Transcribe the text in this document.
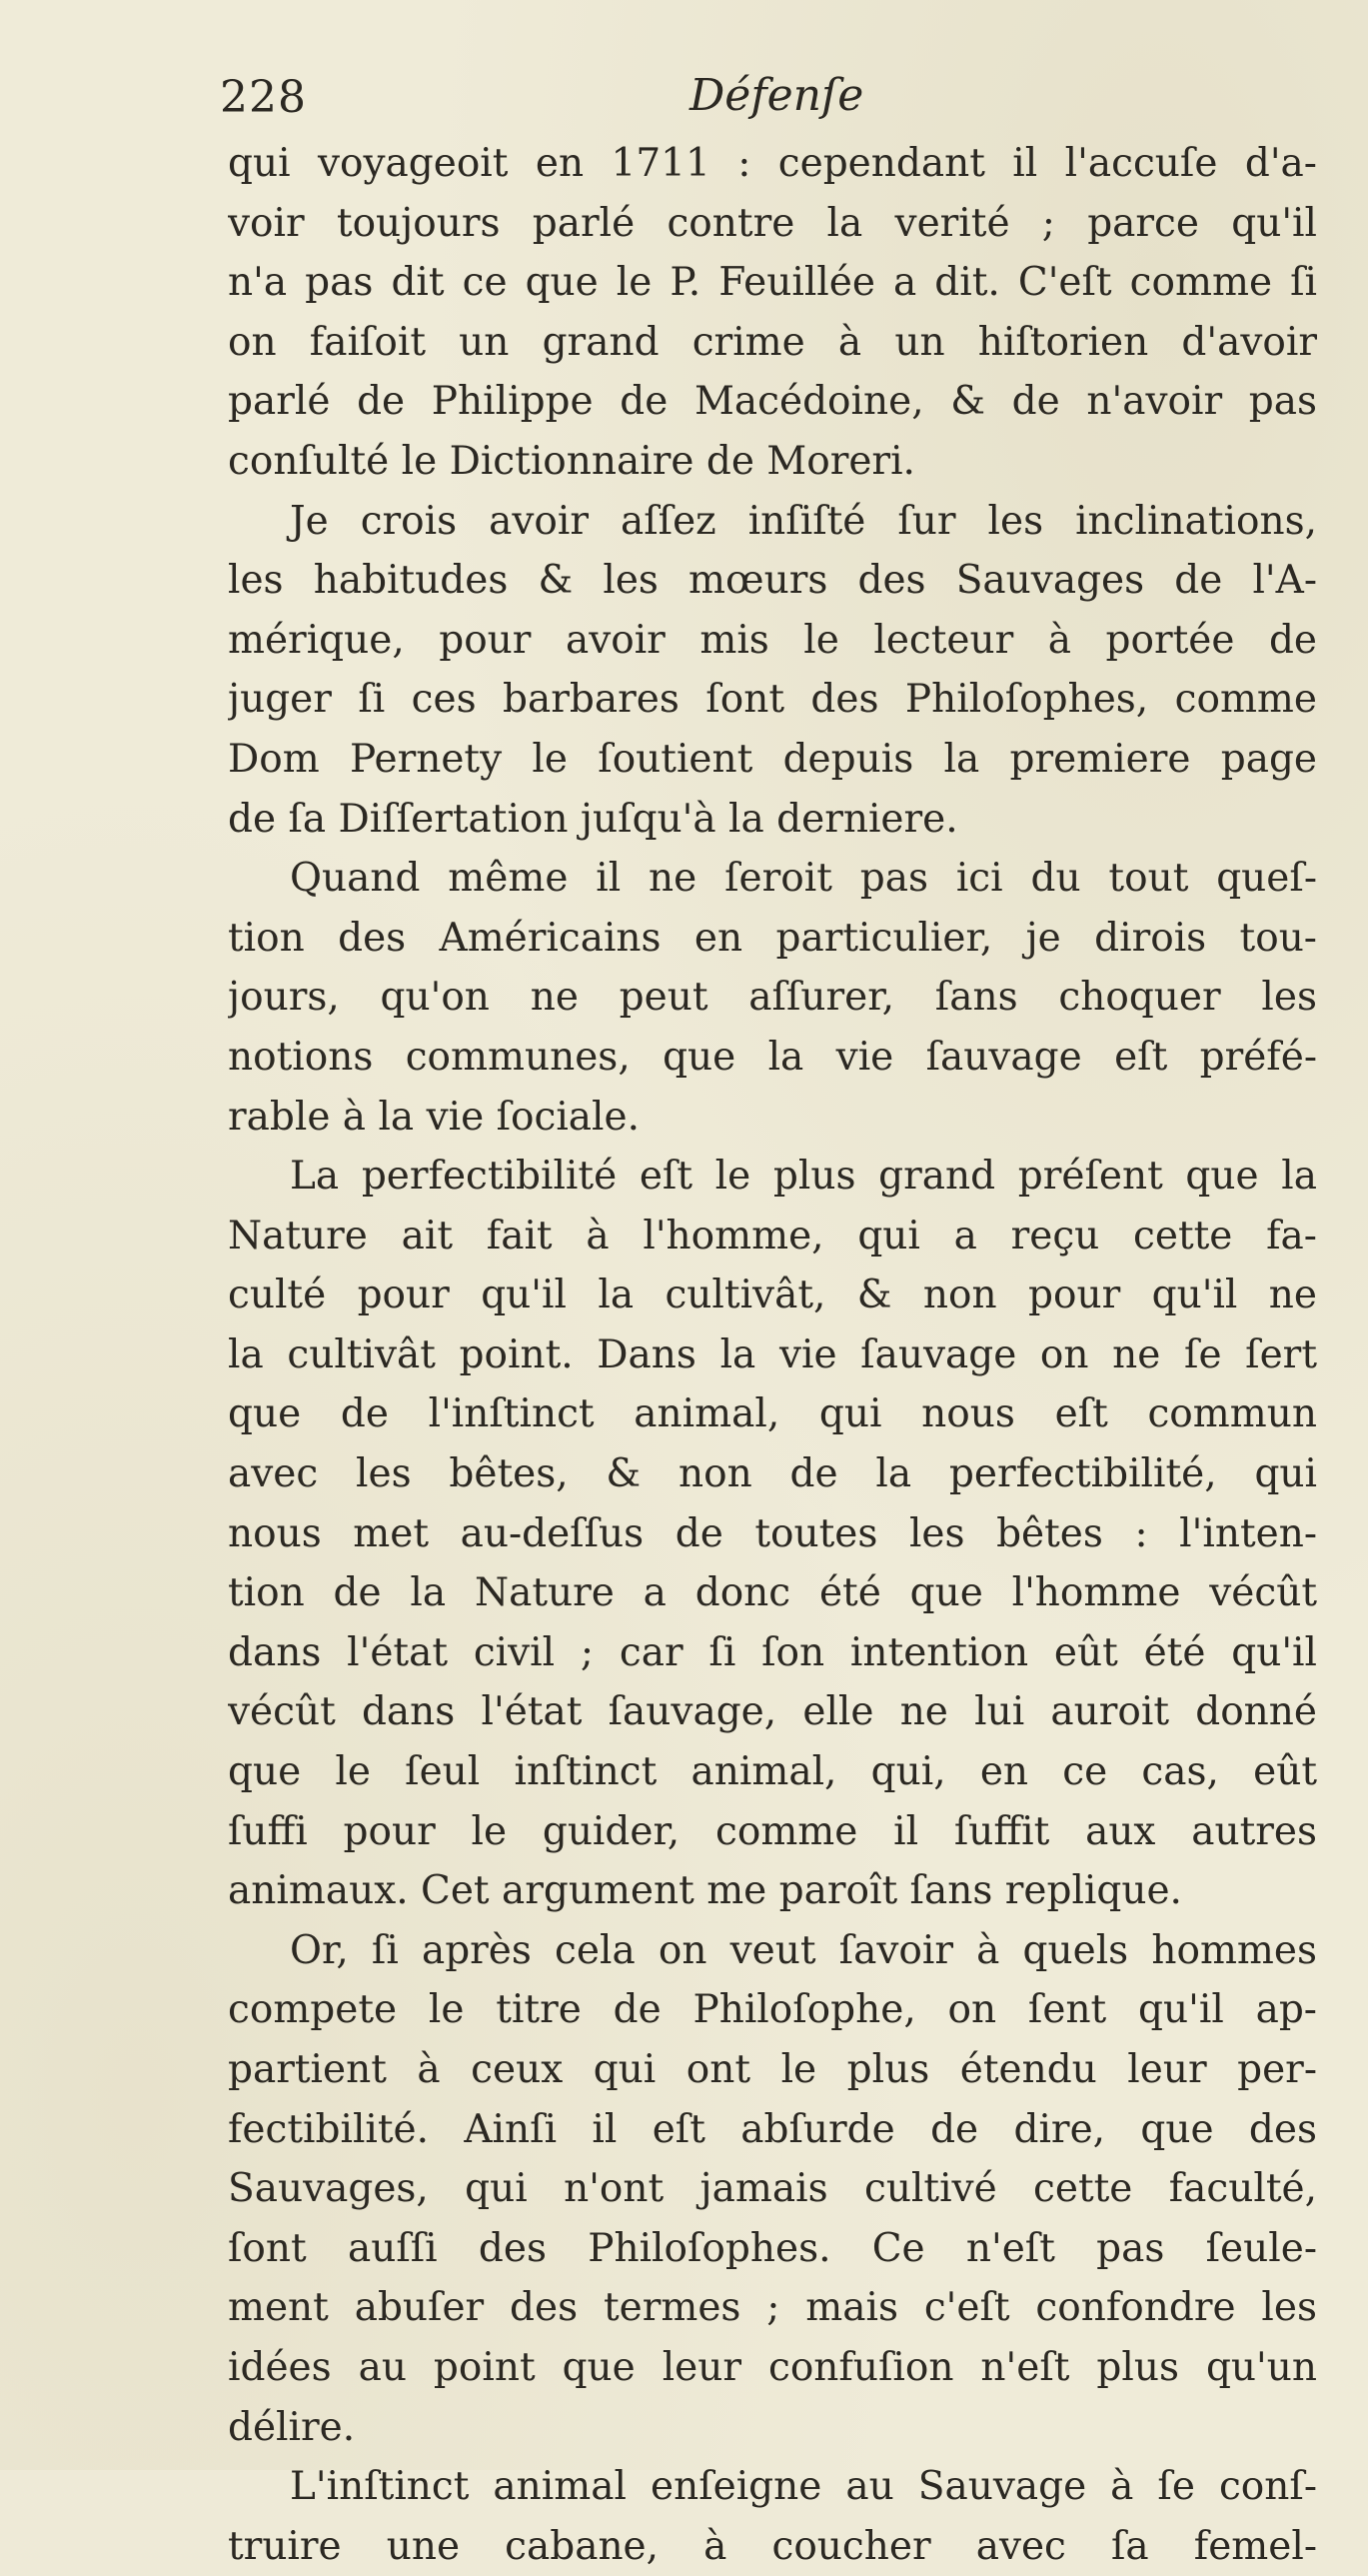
228	Défenſe
qui voyageoit en 1711 : cependant il l'accuſe d'a-
voir toujours parlé contre la verité ; parce qu'il
n'a pas dit ce que le P. Feuillée a dit. C'eſt comme ſi
on faiſoit un grand crime à un hiſtorien d'avoir
parlé de Philippe de Macédoine, & de n'avoir pas
conſulté le Dictionnaire de Moreri.
Je crois avoir aſſez inſiſté ſur les inclinations,
les habitudes & les mœurs des Sauvages de l'A-
mérique, pour avoir mis le lecteur à portée de
juger ſi ces barbares ſont des Philoſophes, comme
Dom Pernety le ſoutient depuis la premiere page
de ſa Diſſertation juſqu'à la derniere.
Quand même il ne ſeroit pas ici du tout queſ-
tion des Américains en particulier, je dirois tou-
jours, qu'on ne peut aſſurer, ſans choquer les
notions communes, que la vie ſauvage eſt préfé-
rable à la vie ſociale.
La perfectibilité eſt le plus grand préſent que la
Nature ait fait à l'homme, qui a reçu cette fa-
culté pour qu'il la cultivât, & non pour qu'il ne
la cultivât point. Dans la vie ſauvage on ne ſe ſert
que de l'inſtinct animal, qui nous eſt commun
avec les bêtes, & non de la perfectibilité, qui
nous met au-deſſus de toutes les bêtes : l'inten-
tion de la Nature a donc été que l'homme vécût
dans l'état civil ; car ſi ſon intention eût été qu'il
vécût dans l'état ſauvage, elle ne lui auroit donné
que le ſeul inſtinct animal, qui, en ce cas, eût
ſuffi pour le guider, comme il ſuffit aux autres
animaux. Cet argument me paroît ſans replique.
Or, ſi après cela on veut ſavoir à quels hommes
compete le titre de Philoſophe, on ſent qu'il ap-
partient à ceux qui ont le plus étendu leur per-
fectibilité. Ainſi il eſt abſurde de dire, que des
Sauvages, qui n'ont jamais cultivé cette faculté,
ſont auſſi des Philoſophes. Ce n'eſt pas ſeule-
ment abuſer des termes ; mais c'eſt confondre les
idées au point que leur confuſion n'eſt plus qu'un
délire.
L'inſtinct animal enſeigne au Sauvage à ſe conſ-
truire une cabane, à coucher avec ſa femel-
